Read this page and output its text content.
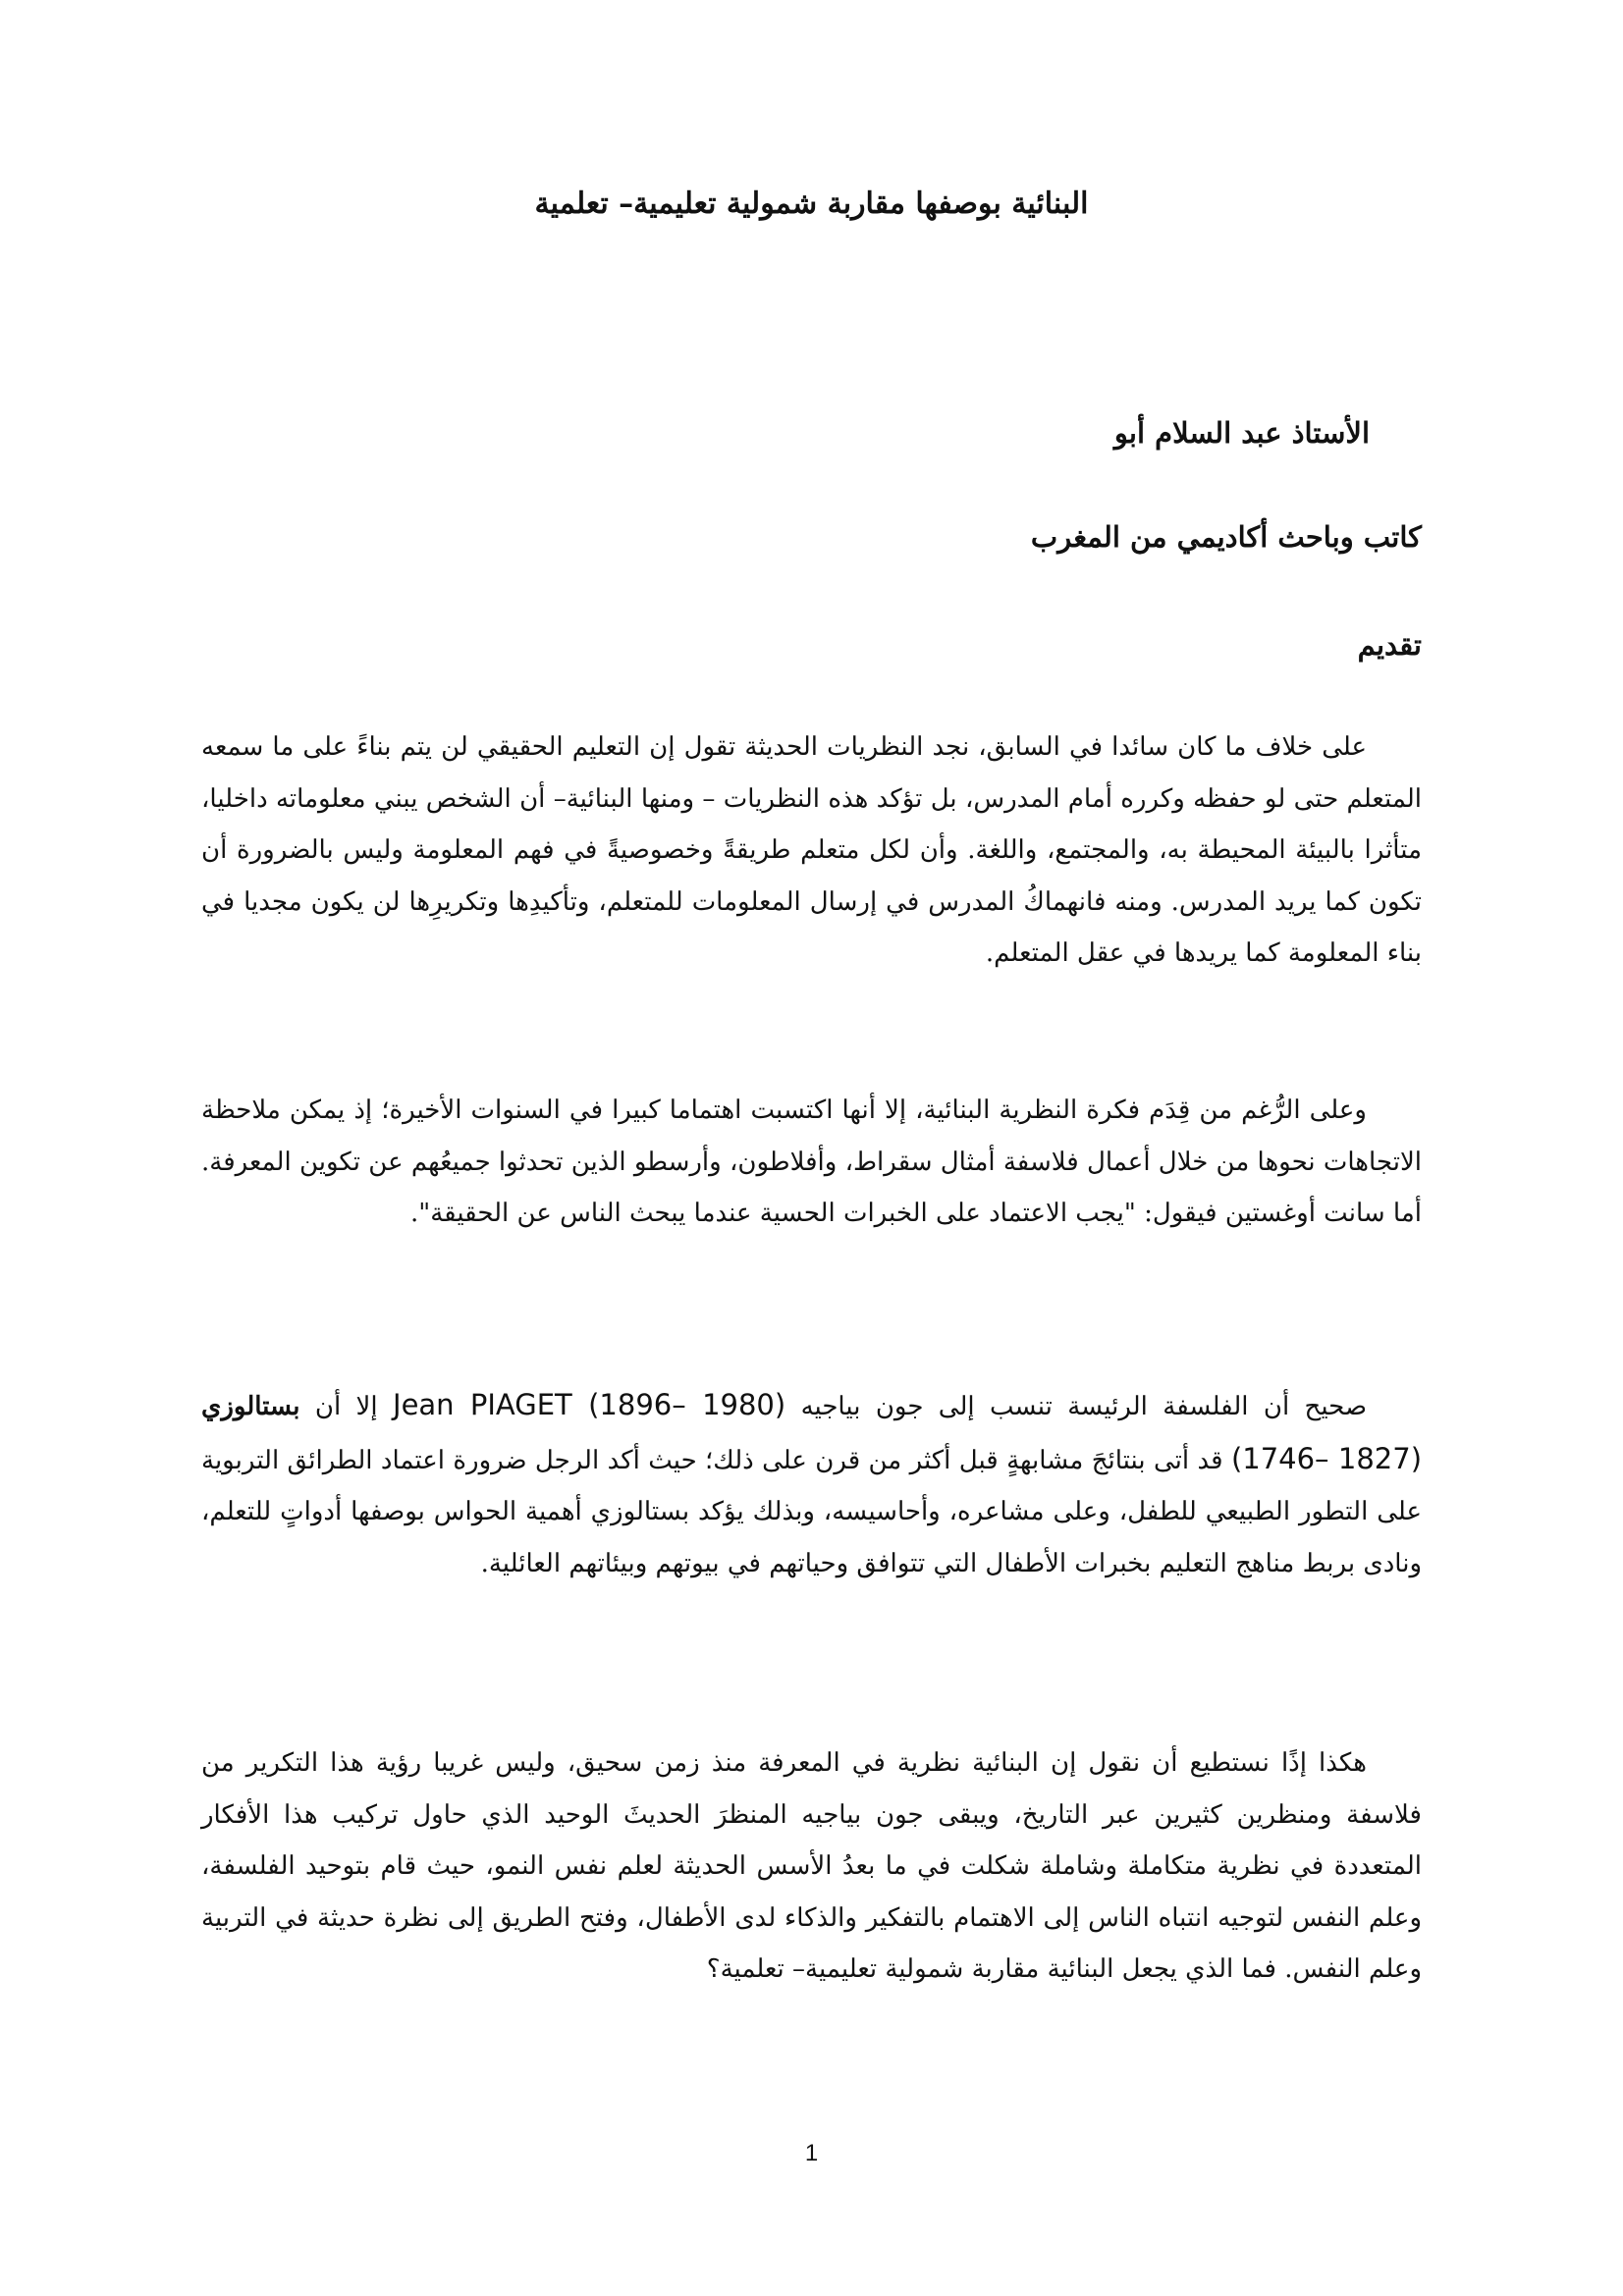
البنائية بوصفها مقاربة شمولية تعليمية– تعلمية
الأستاذ عبد السلام أبو
كاتب وباحث أكاديمي من المغرب
تقديم

على خلاف ما كان سائدا في السابق، نجد النظريات الحديثة تقول إن التعليم الحقيقي لن يتم بناءً على ما سمعه المتعلم حتى لو حفظه وكرره أمام المدرس، بل تؤكد هذه النظريات – ومنها البنائية– أن الشخص يبني معلوماته داخليا، متأثرا بالبيئة المحيطة به، والمجتمع، واللغة. وأن لكل متعلم طريقةً وخصوصيةً في فهم المعلومة وليس بالضرورة أن تكون كما يريد المدرس. ومنه فانهماكُ المدرس في إرسال المعلومات للمتعلم، وتأكيدِها وتكريرِها لن يكون مجديا في بناء المعلومة كما يريدها في عقل المتعلم.

وعلى الرُّغم من قِدَم فكرة النظرية البنائية، إلا أنها اكتسبت اهتماما كبيرا في السنوات الأخيرة؛ إذ يمكن ملاحظة الاتجاهات نحوها من خلال أعمال فلاسفة أمثال سقراط، وأفلاطون، وأرسطو الذين تحدثوا جميعُهم عن تكوين المعرفة. أما سانت أوغستين فيقول: "يجب الاعتماد على الخبرات الحسية عندما يبحث الناس عن الحقيقة".

صحيح أن الفلسفة الرئيسة تنسب إلى جون بياجيه Jean PIAGET (1896– 1980) إلا أن بستالوزي (1746– 1827) قد أتى بنتائجَ مشابهةٍ قبل أكثر من قرن على ذلك؛ حيث أكد الرجل ضرورة اعتماد الطرائق التربوية على التطور الطبيعي للطفل، وعلى مشاعره، وأحاسيسه، وبذلك يؤكد بستالوزي أهمية الحواس بوصفها أدواتٍ للتعلم، ونادى بربط مناهج التعليم بخبرات الأطفال التي تتوافق وحياتهم في بيوتهم وبيئاتهم العائلية.

هكذا إذًا نستطيع أن نقول إن البنائية نظرية في المعرفة منذ زمن سحيق، وليس غريبا رؤية هذا التكرير من فلاسفة ومنظرين كثيرين عبر التاريخ، ويبقى جون بياجيه المنظرَ الحديثَ الوحيد الذي حاول تركيب هذا الأفكار المتعددة في نظرية متكاملة وشاملة شكلت في ما بعدُ الأسس الحديثة لعلم نفس النمو، حيث قام بتوحيد الفلسفة، وعلم النفس لتوجيه انتباه الناس إلى الاهتمام بالتفكير والذكاء لدى الأطفال، وفتح الطريق إلى نظرة حديثة في التربية وعلم النفس. فما الذي يجعل البنائية مقاربة شمولية تعليمية– تعلمية؟

1
